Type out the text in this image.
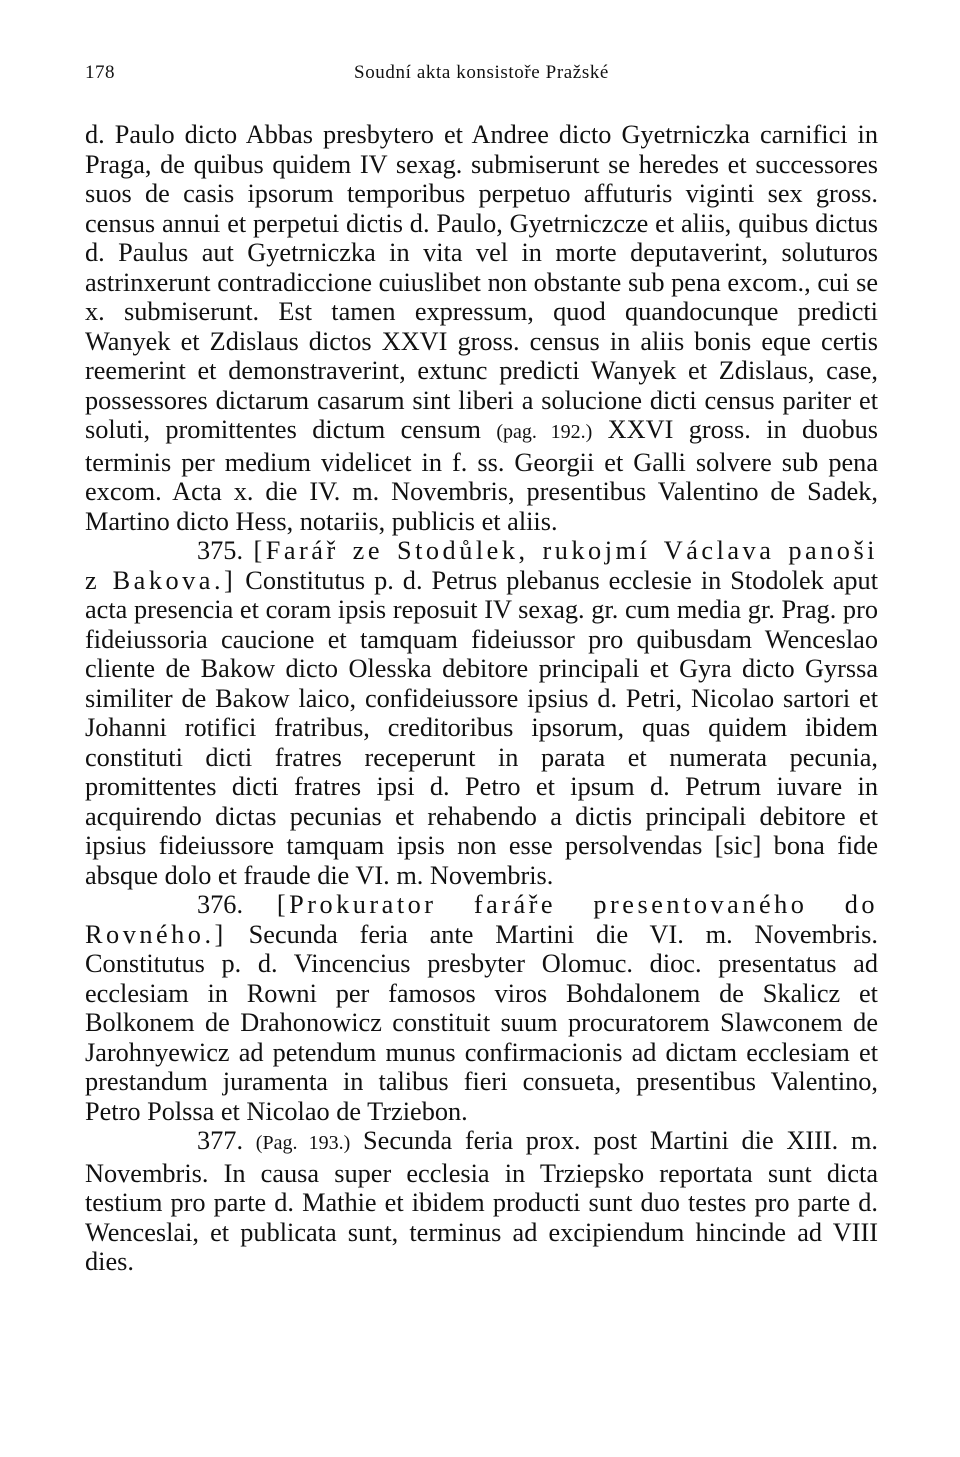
178	Soudní akta konsistoře Pražské

d. Paulo dicto Abbas presbytero et Andree dicto Gyetrniczka carnifici in Praga, de quibus quidem IV sexag. submiserunt se heredes et successores suos de casis ipsorum temporibus perpetuo affuturis viginti sex gross. census annui et perpetui dictis d. Paulo, Gyetrniczcze et aliis, quibus dictus d. Paulus aut Gyetrniczka in vita vel in morte deputaverint, soluturos astrinxerunt contradiccione cuiuslibet non obstante sub pena excom., cui se x. submiserunt. Est tamen expressum, quod quandocunque predicti Wanyek et Zdislaus dictos XXVI gross. census in aliis bonis eque certis reemerint et demonstraverint, extunc predicti Wanyek et Zdislaus, case, possessores dictarum casarum sint liberi a solucione dicti census pariter et soluti, promittentes dictum censum (pag. 192.) XXVI gross. in duobus terminis per medium videlicet in f. ss. Georgii et Galli solvere sub pena excom. Acta x. die IV. m. Novembris, presentibus Valentino de Sadek, Martino dicto Hess, notariis, publicis et aliis.

375. [Farář ze Stodůlek, rukojmí Václava panoši z Bakova.] Constitutus p. d. Petrus plebanus ecclesie in Stodolek aput acta presencia et coram ipsis reposuit IV sexag. gr. cum media gr. Prag. pro fideiussoria caucione et tamquam fideiussor pro quibusdam Wenceslao cliente de Bakow dicto Olesska debitore principali et Gyra dicto Gyrssa similiter de Bakow laico, confideiussore ipsius d. Petri, Nicolao sartori et Johanni rotifici fratribus, creditoribus ipsorum, quas quidem ibidem constituti dicti fratres receperunt in parata et numerata pecunia, promittentes dicti fratres ipsi d. Petro et ipsum d. Petrum iuvare in acquirendo dictas pecunias et rehabendo a dictis principali debitore et ipsius fideiussore tamquam ipsis non esse persolvendas [sic] bona fide absque dolo et fraude die VI. m. Novembris.

376. [Prokurator faráře presentovaného do Rovného.] Secunda feria ante Martini die VI. m. Novembris. Constitutus p. d. Vincencius presbyter Olomuc. dioc. presentatus ad ecclesiam in Rowni per famosos viros Bohdalonem de Skalicz et Bolkonem de Drahonowicz constituit suum procuratorem Slawconem de Jarohnyewicz ad petendum munus confirmacionis ad dictam ecclesiam et prestandum juramenta in talibus fieri consueta, presentibus Valentino, Petro Polssa et Nicolao de Trziebon.

377. (Pag. 193.) Secunda feria prox. post Martini die XIII. m. Novembris. In causa super ecclesia in Trziepsko reportata sunt dicta testium pro parte d. Mathie et ibidem producti sunt duo testes pro parte d. Wenceslai, et publicata sunt, terminus ad excipiendum hincinde ad VIII dies.
